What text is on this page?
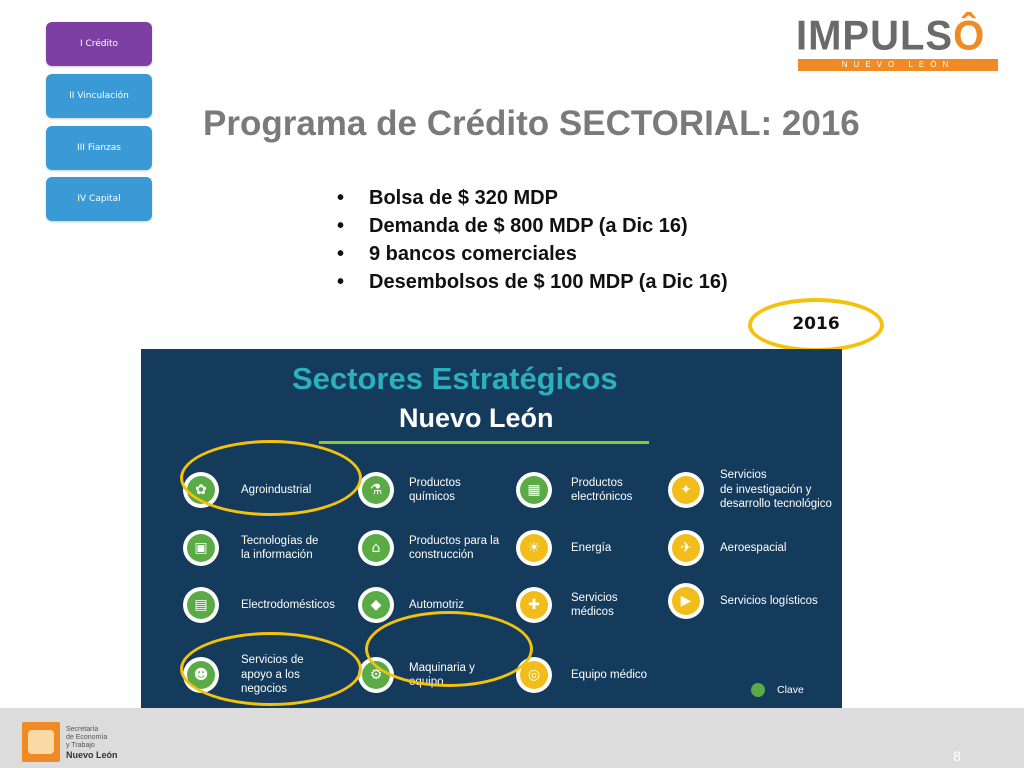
I Crédito
II Vinculación
III Fianzas
IV Capital
IMPULSÔ
NUEVO LEÓN
Programa de Crédito SECTORIAL: 2016
• Bolsa de $ 320 MDP
• Demanda de $ 800 MDP (a Dic 16)
• 9 bancos comerciales
• Desembolsos de $ 100 MDP (a Dic 16)
2016
Sectores Estratégicos
Nuevo León
✿	Agroindustrial
▣	Tecnologías de
la información
▤	Electrodomésticos
☻
Servicios de
apoyo a los
negocios
⚗	Productos
químicos
⌂	Productos para la
construcción
◆	Automotriz
⚙	Maquinaria y
equipo
▦	Productos
electrónicos
☀	Energía
✚	Servicios
médicos
◎	Equipo médico
✦
Servicios
de investigación y
desarrollo tecnológico
✈	Aeroespacial
▶	Servicios logísticos
Clave
Secretaría
de Economía
y Trabajo
Nuevo León	8
